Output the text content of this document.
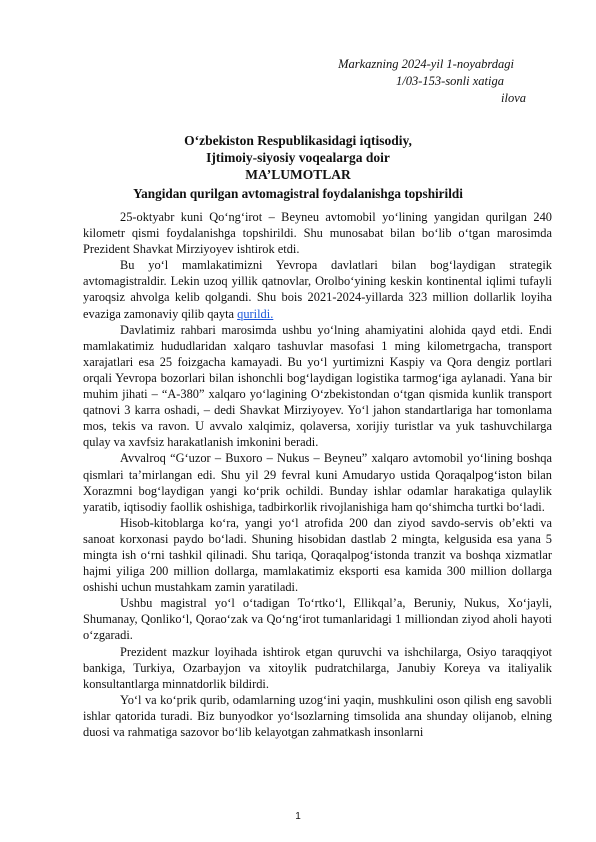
Markazning 2024-yil 1-noyabrdagi
1/03-153-sonli xatiga
ilova
O‘zbekiston Respublikasidagi iqtisodiy,
Ijtimoiy-siyosiy voqealarga doir
MA’LUMOTLAR
Yangidan qurilgan avtomagistral foydalanishga topshirildi

25-oktyabr kuni Qo‘ng‘irot – Beyneu avtomobil yo‘lining yangidan qurilgan 240 kilometr qismi foydalanishga topshirildi. Shu munosabat bilan bo‘lib o‘tgan marosimda Prezident Shavkat Mirziyoyev ishtirok etdi.

Bu yo‘l mamlakatimizni Yevropa davlatlari bilan bog‘laydigan strategik avtomagistraldir. Lekin uzoq yillik qatnovlar, Orolbo‘yining keskin kontinental iqlimi tufayli yaroqsiz ahvolga kelib qolgandi. Shu bois 2021-2024-yillarda 323 million dollarlik loyiha evaziga zamonaviy qilib qayta qurildi.

Davlatimiz rahbari marosimda ushbu yo‘lning ahamiyatini alohida qayd etdi. Endi mamlakatimiz hududlaridan xalqaro tashuvlar masofasi 1 ming kilometrgacha, transport xarajatlari esa 25 foizgacha kamayadi. Bu yo‘l yurtimizni Kaspiy va Qora dengiz portlari orqali Yevropa bozorlari bilan ishonchli bog‘laydigan logistika tarmog‘iga aylanadi. Yana bir muhim jihati – “A-380” xalqaro yo‘lagining O‘zbekistondan o‘tgan qismida kunlik transport qatnovi 3 karra oshadi, – dedi Shavkat Mirziyoyev. Yo‘l jahon standartlariga har tomonlama mos, tekis va ravon. U avvalo xalqimiz, qolaversa, xorijiy turistlar va yuk tashuvchilarga qulay va xavfsiz harakatlanish imkonini beradi.

Avvalroq “G‘uzor – Buxoro – Nukus – Beyneu” xalqaro avtomobil yo‘lining boshqa qismlari ta’mirlangan edi. Shu yil 29 fevral kuni Amudaryo ustida Qoraqalpog‘iston bilan Xorazmni bog‘laydigan yangi ko‘prik ochildi. Bunday ishlar odamlar harakatiga qulaylik yaratib, iqtisodiy faollik oshishiga, tadbirkorlik rivojlanishiga ham qo‘shimcha turtki bo‘ladi.

Hisob-kitoblarga ko‘ra, yangi yo‘l atrofida 200 dan ziyod savdo-servis ob’ekti va sanoat korxonasi paydo bo‘ladi. Shuning hisobidan dastlab 2 mingta, kelgusida esa yana 5 mingta ish o‘rni tashkil qilinadi. Shu tariqa, Qoraqalpog‘istonda tranzit va boshqa xizmatlar hajmi yiliga 200 million dollarga, mamlakatimiz eksporti esa kamida 300 million dollarga oshishi uchun mustahkam zamin yaratiladi.

Ushbu magistral yo‘l o‘tadigan To‘rtko‘l, Ellikqal’a, Beruniy, Nukus, Xo‘jayli, Shumanay, Qonliko‘l, Qorao‘zak va Qo‘ng‘irot tumanlaridagi 1 milliondan ziyod aholi hayoti o‘zgaradi.

Prezident mazkur loyihada ishtirok etgan quruvchi va ishchilarga, Osiyo taraqqiyot bankiga, Turkiya, Ozarbayjon va xitoylik pudratchilarga, Janubiy Koreya va italiyalik konsultantlarga minnatdorlik bildirdi.

Yo‘l va ko‘prik qurib, odamlarning uzog‘ini yaqin, mushkulini oson qilish eng savobli ishlar qatorida turadi. Biz bunyodkor yo‘lsozlarning timsolida ana shunday olijanob, elning duosi va rahmatiga sazovor bo‘lib kelayotgan zahmatkash insonlarni

1
